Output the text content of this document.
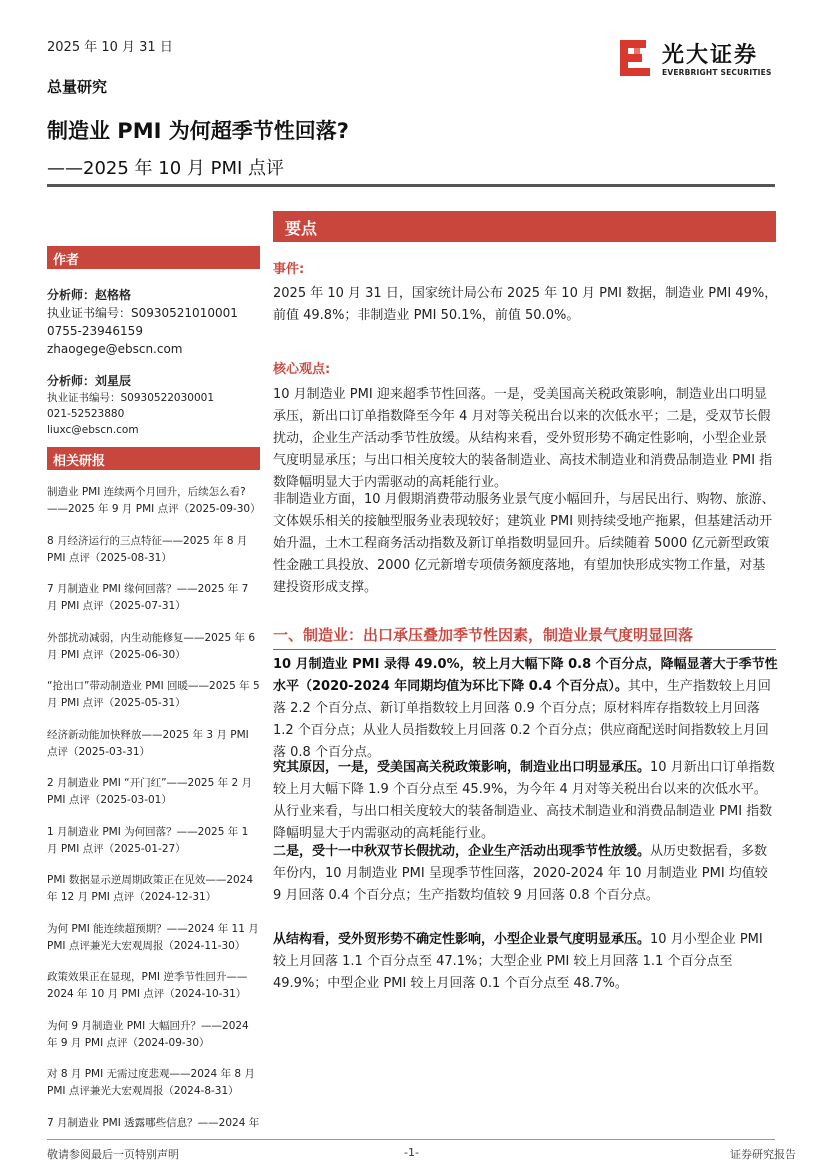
2025 年 10 月 31 日	光大证券
EVERBRIGHT SECURITIES
总量研究
制造业 PMI 为何超季节性回落?
——2025 年 10 月 PMI 点评
作者
分析师：赵格格
执业证书编号：S0930521010001
0755-23946159
zhaogege@ebscn.com
分析师：刘星辰
执业证书编号：S0930522030001
021-52523880
liuxc@ebscn.com
相关研报
制造业 PMI 连续两个月回升，后续怎么看?——2025 年 9 月 PMI 点评（2025-09-30）
8 月经济运行的三点特征——2025 年 8 月 PMI 点评（2025-08-31）
7 月制造业 PMI 缘何回落？——2025 年 7 月 PMI 点评（2025-07-31）
外部扰动减弱，内生动能修复——2025 年 6 月 PMI 点评（2025-06-30）
“抢出口”带动制造业 PMI 回暖——2025 年 5 月 PMI 点评（2025-05-31）
经济新动能加快释放——2025 年 3 月 PMI 点评（2025-03-31）
2 月制造业 PMI “开门红”——2025 年 2 月 PMI 点评（2025-03-01）
1 月制造业 PMI 为何回落？——2025 年 1 月 PMI 点评（2025-01-27）
PMI 数据显示逆周期政策正在见效——2024 年 12 月 PMI 点评（2024-12-31）
为何 PMI 能连续超预期？——2024 年 11 月 PMI 点评兼光大宏观周报（2024-11-30）
政策效果正在显现，PMI 逆季节性回升——2024 年 10 月 PMI 点评（2024-10-31）
为何 9 月制造业 PMI 大幅回升？——2024 年 9 月 PMI 点评（2024-09-30）
对 8 月 PMI 无需过度悲观——2024 年 8 月 PMI 点评兼光大宏观周报（2024-8-31）
7 月制造业 PMI 透露哪些信息？——2024 年
要点
事件:
2025 年 10 月 31 日，国家统计局公布 2025 年 10 月 PMI 数据，制造业 PMI 49%，前值 49.8%；非制造业 PMI 50.1%，前值 50.0%。
核心观点:
10 月制造业 PMI 迎来超季节性回落。一是，受美国高关税政策影响，制造业出口明显承压，新出口订单指数降至今年 4 月对等关税出台以来的次低水平；二是，受双节长假扰动，企业生产活动季节性放缓。从结构来看，受外贸形势不确定性影响，小型企业景气度明显承压；与出口相关度较大的装备制造业、高技术制造业和消费品制造业 PMI 指数降幅明显大于内需驱动的高耗能行业。
非制造业方面，10 月假期消费带动服务业景气度小幅回升，与居民出行、购物、旅游、文体娱乐相关的接触型服务业表现较好；建筑业 PMI 则持续受地产拖累，但基建活动开始升温，土木工程商务活动指数及新订单指数明显回升。后续随着 5000 亿元新型政策性金融工具投放、2000 亿元新增专项债务额度落地，有望加快形成实物工作量，对基建投资形成支撑。
一、制造业：出口承压叠加季节性因素，制造业景气度明显回落
10 月制造业 PMI 录得 49.0%，较上月大幅下降 0.8 个百分点，降幅显著大于季节性水平（2020-2024 年同期均值为环比下降 0.4 个百分点）。其中，生产指数较上月回落 2.2 个百分点、新订单指数较上月回落 0.9 个百分点；原材料库存指数较上月回落 1.2 个百分点；从业人员指数较上月回落 0.2 个百分点；供应商配送时间指数较上月回落 0.8 个百分点。
究其原因，一是，受美国高关税政策影响，制造业出口明显承压。10 月新出口订单指数较上月大幅下降 1.9 个百分点至 45.9%，为今年 4 月对等关税出台以来的次低水平。从行业来看，与出口相关度较大的装备制造业、高技术制造业和消费品制造业 PMI 指数降幅明显大于内需驱动的高耗能行业。
二是，受十一中秋双节长假扰动，企业生产活动出现季节性放缓。从历史数据看，多数年份内，10 月制造业 PMI 呈现季节性回落，2020-2024 年 10 月制造业 PMI 均值较 9 月回落 0.4 个百分点；生产指数均值较 9 月回落 0.8 个百分点。
从结构看，受外贸形势不确定性影响，小型企业景气度明显承压。10 月小型企业 PMI 较上月回落 1.1 个百分点至 47.1%；大型企业 PMI 较上月回落 1.1 个百分点至 49.9%；中型企业 PMI 较上月回落 0.1 个百分点至 48.7%。
敬请参阅最后一页特别声明	-1-	证券研究报告
